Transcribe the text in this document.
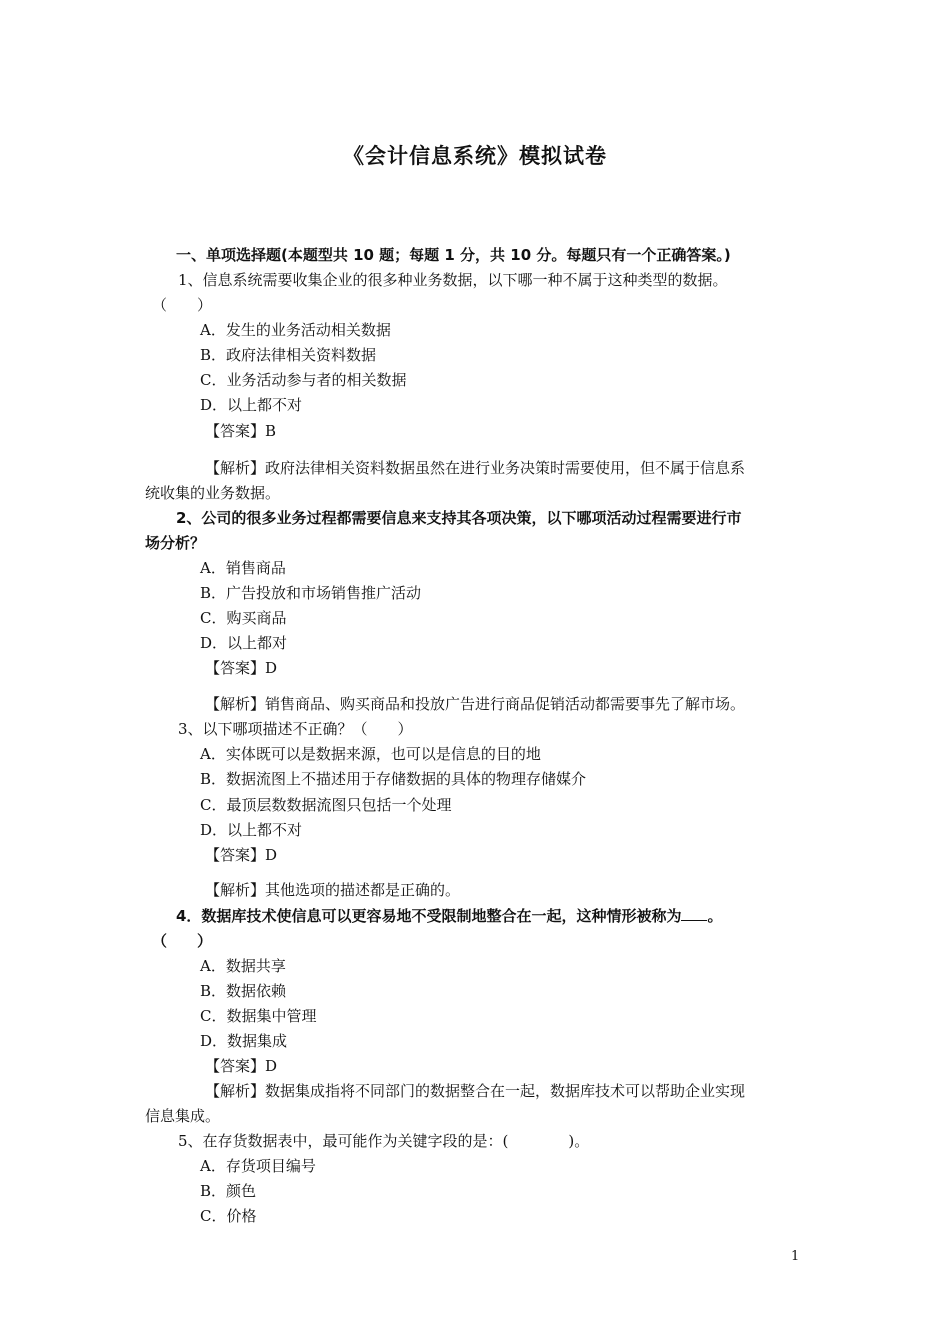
《会计信息系统》模拟试卷
一、单项选择题(本题型共 10 题；每题 1 分，共 10 分。每题只有一个正确答案。)
1、信息系统需要收集企业的很多种业务数据，以下哪一种不属于这种类型的数据。
（　　）
A．发生的业务活动相关数据
B．政府法律相关资料数据
C．业务活动参与者的相关数据
D．以上都不对
【答案】B
【解析】政府法律相关资料数据虽然在进行业务决策时需要使用，但不属于信息系
统收集的业务数据。
2、公司的很多业务过程都需要信息来支持其各项决策，以下哪项活动过程需要进行市
场分析？
A．销售商品
B．广告投放和市场销售推广活动
C．购买商品
D．以上都对
【答案】D
【解析】销售商品、购买商品和投放广告进行商品促销活动都需要事先了解市场。
3、以下哪项描述不正确？（　　）
A．实体既可以是数据来源，也可以是信息的目的地
B．数据流图上不描述用于存储数据的具体的物理存储媒介
C．最顶层数数据流图只包括一个处理
D．以上都不对
【答案】D
【解析】其他选项的描述都是正确的。
4．数据库技术使信息可以更容易地不受限制地整合在一起，这种情形被称为 。
（　　）
A．数据共享
B．数据依赖
C．数据集中管理
D．数据集成
【答案】D
【解析】数据集成指将不同部门的数据整合在一起，数据库技术可以帮助企业实现
信息集成。
5、在存货数据表中，最可能作为关键字段的是：(　　　　)。
A．存货项目编号
B．颜色
C．价格
1
